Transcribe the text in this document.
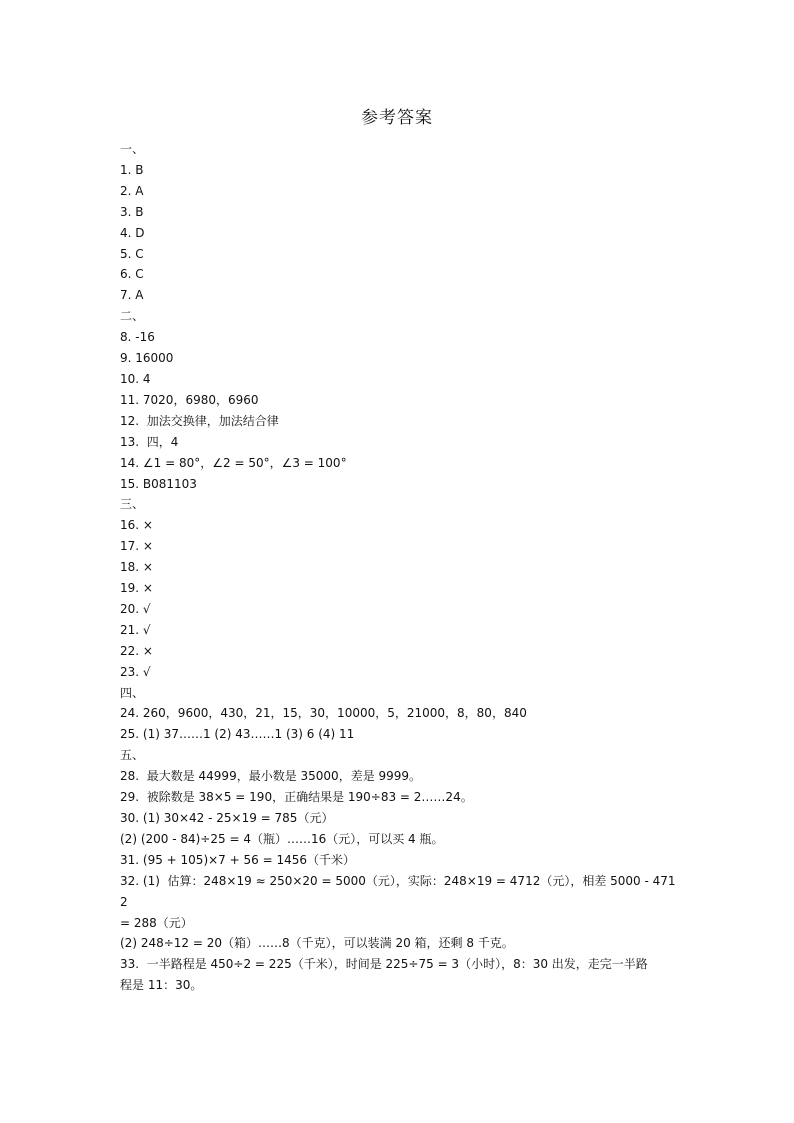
参考答案
一、
1. B
2. A
3. B
4. D
5. C
6. C
7. A
二、
8. -16
9. 16000
10. 4
11. 7020，6980，6960
12.  加法交换律，加法结合律
13.  四，4
14. ∠1 = 80°，∠2 = 50°，∠3 = 100°
15. B081103
三、
16. ×
17. ×
18. ×
19. ×
20. √
21. √
22. ×
23. √
四、
24. 260，9600，430，21，15，30，10000，5，21000，8，80，840
25. (1) 37……1 (2) 43……1 (3) 6 (4) 11
五、
28.  最大数是 44999，最小数是 35000，差是 9999。
29.  被除数是 38×5 = 190，正确结果是 190÷83 = 2……24。
30. (1) 30×42 - 25×19 = 785（元）
(2) (200 - 84)÷25 = 4（瓶）……16（元），可以买 4 瓶。
31. (95 + 105)×7 + 56 = 1456（千米）
32. (1)  估算：248×19 ≈ 250×20 = 5000（元），实际：248×19 = 4712（元），相差 5000 - 4712
= 288（元）
(2) 248÷12 = 20（箱）……8（千克），可以装满 20 箱，还剩 8 千克。
33.  一半路程是 450÷2 = 225（千米），时间是 225÷75 = 3（小时），8：30 出发，走完一半路
程是 11：30。
